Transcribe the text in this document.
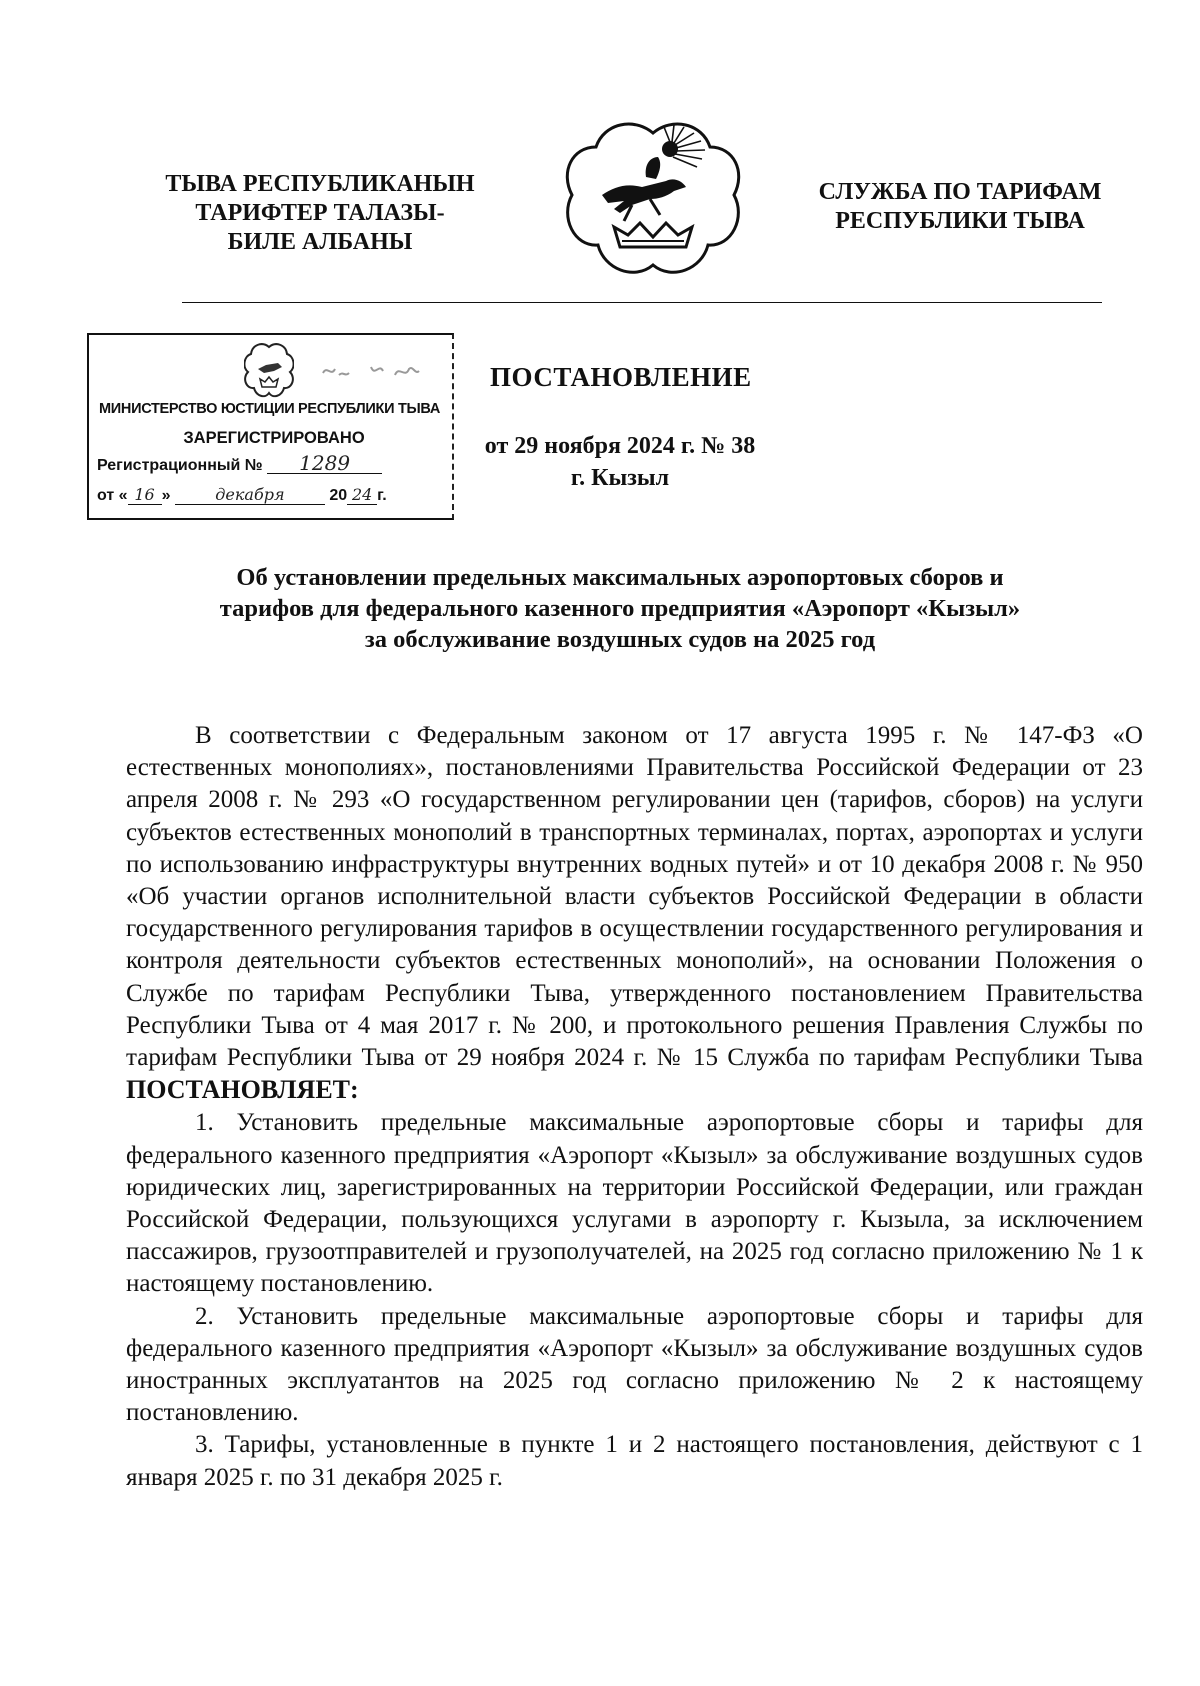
ТЫВА РЕСПУБЛИКАНЫН
ТАРИФТЕР ТАЛАЗЫ-
БИЛЕ АЛБАНЫ
СЛУЖБА ПО ТАРИФАМ
РЕСПУБЛИКИ ТЫВА
МИНИСТЕРСТВО ЮСТИЦИИ РЕСПУБЛИКИ ТЫВА
ЗАРЕГИСТРИРОВАНО
Регистрационный № 1289
от « 16 »	декабря	20 24 г.
ПОСТАНОВЛЕНИЕ
от 29 ноября 2024 г. № 38
г. Кызыл
Об установлении предельных максимальных аэропортовых сборов и
тарифов для федерального казенного предприятия «Аэропорт «Кызыл»
за обслуживание воздушных судов на 2025 год

В соответствии с Федеральным законом от 17 августа 1995 г. № 147-ФЗ «О естественных монополиях», постановлениями Правительства Российской Федерации от 23 апреля 2008 г. № 293 «О государственном регулировании цен (тарифов, сборов) на услуги субъектов естественных монополий в транспортных терминалах, портах, аэропортах и услуги по использованию инфраструктуры внутренних водных путей» и от 10 декабря 2008 г. № 950 «Об участии органов исполнительной власти субъектов Российской Федерации в области государственного регулирования тарифов в осуществлении государственного регулирования и контроля деятельности субъектов естественных монополий», на основании Положения о Службе по тарифам Республики Тыва, утвержденного постановлением Правительства Республики Тыва от 4 мая 2017 г. № 200, и протокольного решения Правления Службы по тарифам Республики Тыва от 29 ноября 2024 г. № 15 Служба по тарифам Республики Тыва ПОСТАНОВЛЯЕТ:

1. Установить предельные максимальные аэропортовые сборы и тарифы для федерального казенного предприятия «Аэропорт «Кызыл» за обслуживание воздушных судов юридических лиц, зарегистрированных на территории Российской Федерации, или граждан Российской Федерации, пользующихся услугами в аэропорту г. Кызыла, за исключением пассажиров, грузоотправителей и грузополучателей, на 2025 год согласно приложению № 1 к настоящему постановлению.

2. Установить предельные максимальные аэропортовые сборы и тарифы для федерального казенного предприятия «Аэропорт «Кызыл» за обслуживание воздушных судов иностранных эксплуатантов на 2025 год согласно приложению № 2 к настоящему постановлению.

3. Тарифы, установленные в пункте 1 и 2 настоящего постановления, действуют с 1 января 2025 г. по 31 декабря 2025 г.
